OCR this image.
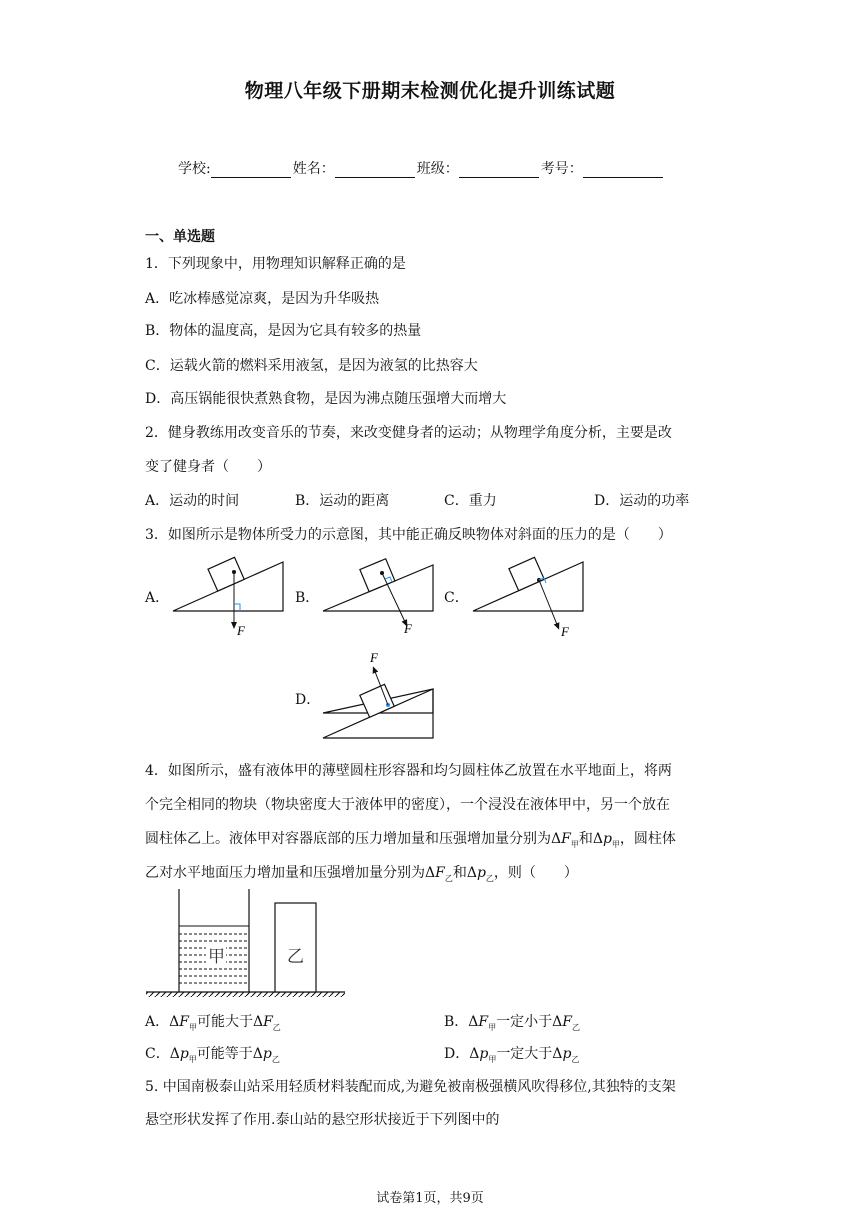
物理八年级下册期末检测优化提升训练试题
学校:	姓名：	班级：	考号：
一、单选题
1．下列现象中，用物理知识解释正确的是
A．吃冰棒感觉凉爽，是因为升华吸热
B．物体的温度高，是因为它具有较多的热量
C．运载火箭的燃料采用液氢，是因为液氢的比热容大
D．高压锅能很快煮熟食物，是因为沸点随压强增大而增大
2．健身教练用改变音乐的节奏，来改变健身者的运动；从物理学角度分析，主要是改
变了健身者（　　）
A．运动的时间	B．运动的距离	C．重力	D．运动的功率
3．如图所示是物体所受力的示意图，其中能正确反映物体对斜面的压力的是（　　）
A．	B．	C．
D．
F	F	F
F
4．如图所示，盛有液体甲的薄壁圆柱形容器和均匀圆柱体乙放置在水平地面上，将两
个完全相同的物块（物块密度大于液体甲的密度），一个浸没在液体甲中，另一个放在
圆柱体乙上。液体甲对容器底部的压力增加量和压强增加量分别为$\Delta F_甲$和$\Delta p_甲$，圆柱体
乙对水平地面压力增加量和压强增加量分别为$\Delta F_乙$和$\Delta p_乙$，则（　　）
甲	乙
A．$\Delta F_甲$可能大于$\Delta F_乙$	B．$\Delta F_甲$一定小于$\Delta F_乙$
C．$\Delta p_甲$可能等于$\Delta p_乙$	D．$\Delta p_甲$一定大于$\Delta p_乙$
5. 中国南极泰山站采用轻质材料装配而成,为避免被南极强横风吹得移位,其独特的支架
悬空形状发挥了作用.泰山站的悬空形状接近于下列图中的
试卷第1页，共9页
